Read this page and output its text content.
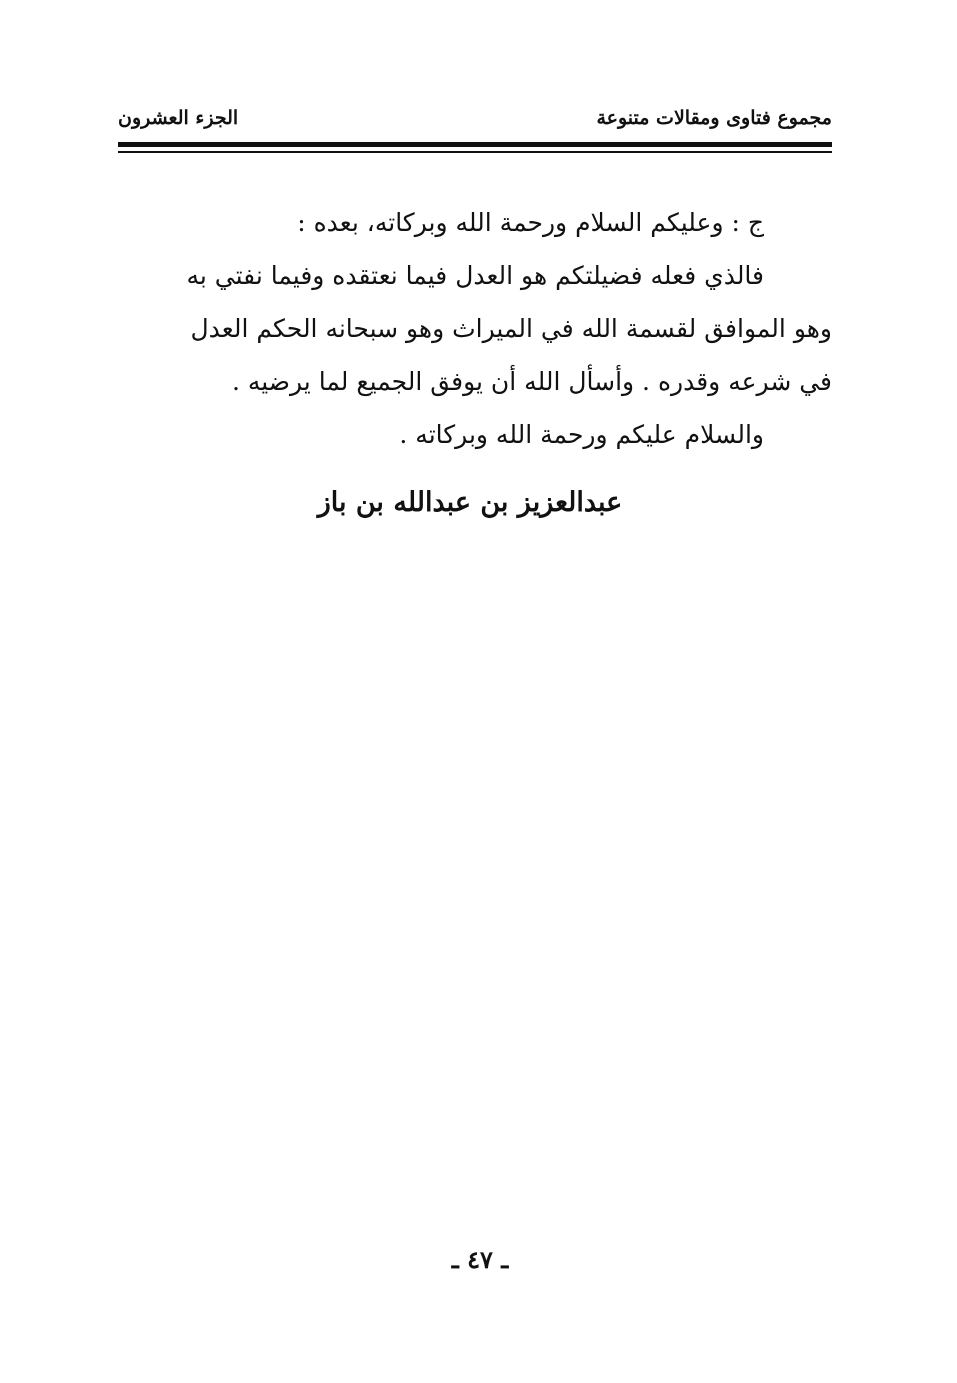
مجموع فتاوى ومقالات متنوعة
الجزء العشرون
ج : وعليكم السلام ورحمة الله وبركاته، بعده :
فالذي فعله فضيلتكم هو العدل فيما نعتقده وفيما نفتي به
وهو الموافق لقسمة الله في الميراث وهو سبحانه الحكم العدل
في شرعه وقدره . وأسأل الله أن يوفق الجميع لما يرضيه .
والسلام عليكم ورحمة الله وبركاته .
عبدالعزيز بن عبدالله بن باز
ـ ٤٧ ـ
